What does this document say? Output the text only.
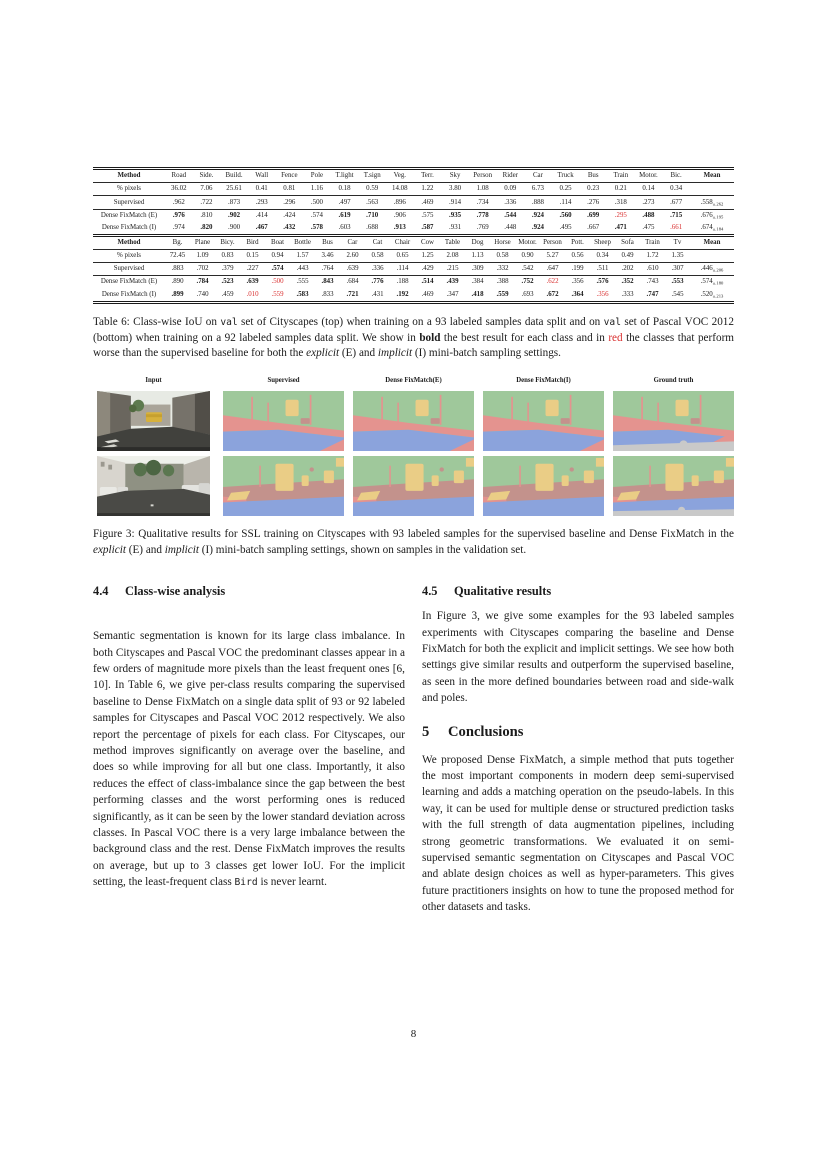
Method	Road	Side.	Build.	Wall	Fence	Pole	T.light	T.sign	Veg.	Terr.	Sky	Person	Rider	Car	Truck	Bus	Train	Motor.	Bic.	Mean
% pixels	36.02	7.06	25.61	0.41	0.81	1.16	0.18	0.59	14.08	1.22	3.80	1.08	0.09	6.73	0.25	0.23	0.21	0.14	0.34	
Supervised	.962	.722	.873	.293	.296	.500	.497	.563	.896	.469	.914	.734	.336	.888	.114	.276	.318	.273	.677	$.558_{\pm.262}$
Dense FixMatch (E)	.976	.810	.902	.414	.424	.574	.619	.710	.906	.575	.935	.778	.544	.924	.560	.699	.295	.488	.715	$.676_{\pm.195}$
Dense FixMatch (I)	.974	.820	.900	.467	.432	.578	.603	.688	.913	.587	.931	.769	.448	.924	.495	.667	.471	.475	.661	$.674_{\pm.184}$
Method	Bg.	Plane	Bicy.	Bird	Boat	Bottle	Bus	Car	Cat	Chair	Cow	Table	Dog	Horse	Motor.	Person	Pott.	Sheep	Sofa	Train	Tv	Mean
% pixels	72.45	1.09	0.83	0.15	0.94	1.57	3.46	2.60	0.58	0.65	1.25	2.08	1.13	0.58	0.90	5.27	0.56	0.34	0.49	1.72	1.35	
Supervised	.883	.702	.379	.227	.574	.443	.764	.639	.336	.114	.429	.215	.309	.332	.542	.647	.199	.511	.202	.610	.307	$.446_{\pm.206}$
Dense FixMatch (E)	.890	.784	.523	.639	.500	.555	.843	.684	.776	.188	.514	.439	.384	.388	.752	.622	.356	.576	.352	.743	.553	$.574_{\pm.180}$
Dense FixMatch (I)	.899	.740	.459	.010	.559	.583	.833	.721	.431	.192	.469	.347	.418	.559	.693	.672	.364	.356	.333	.747	.545	$.520_{\pm.213}$

Table 6: Class-wise IoU on val set of Cityscapes (top) when training on a 93 labeled samples data split and on val set of Pascal VOC 2012 (bottom) when training on a 92 labeled samples data split. We show in bold the best result for each class and in red the classes that perform worse than the supervised baseline for both the explicit (E) and implicit (I) mini-batch sampling settings.

Input	Supervised	Dense FixMatch(E)	Dense FixMatch(I)	Ground truth

Figure 3: Qualitative results for SSL training on Cityscapes with 93 labeled samples for the supervised baseline and Dense FixMatch in the explicit (E) and implicit (I) mini-batch sampling settings, shown on samples in the validation set.

4.4 Class-wise analysis

Semantic segmentation is known for its large class imbalance. In both Cityscapes and Pascal VOC the predominant classes appear in a few orders of magnitude more pixels than the least frequent ones [6, 10]. In Table 6, we give per-class results comparing the supervised baseline to Dense FixMatch on a single data split of 93 or 92 labeled samples for Cityscapes and Pascal VOC 2012 respectively. We also report the percentage of pixels for each class. For Cityscapes, our method improves significantly on average over the baseline, and does so while improving for all but one class. Importantly, it also reduces the effect of class-imbalance since the gap between the best performing classes and the worst performing ones is reduced significantly, as it can be seen by the lower standard deviation across classes. In Pascal VOC there is a very large imbalance between the background class and the rest. Dense FixMatch improves the results on average, but up to 3 classes get lower IoU. For the implicit setting, the least-frequent class Bird is never learnt.

4.5 Qualitative results

In Figure 3, we give some examples for the 93 labeled samples experiments with Cityscapes comparing the baseline and Dense FixMatch for both the explicit and implicit settings. We see how both settings give similar results and outperform the supervised baseline, as seen in the more defined boundaries between road and side-walk and poles.

5 Conclusions

We proposed Dense FixMatch, a simple method that puts together the most important components in modern deep semi-supervised learning and adds a matching operation on the pseudo-labels. In this way, it can be used for multiple dense or structured prediction tasks with the full strength of data augmentation pipelines, including strong geometric transformations. We evaluated it on semi-supervised semantic segmentation on Cityscapes and Pascal VOC and ablate design choices as well as hyper-parameters. This gives future practitioners insights on how to tune the proposed method for other datasets and tasks.

8
